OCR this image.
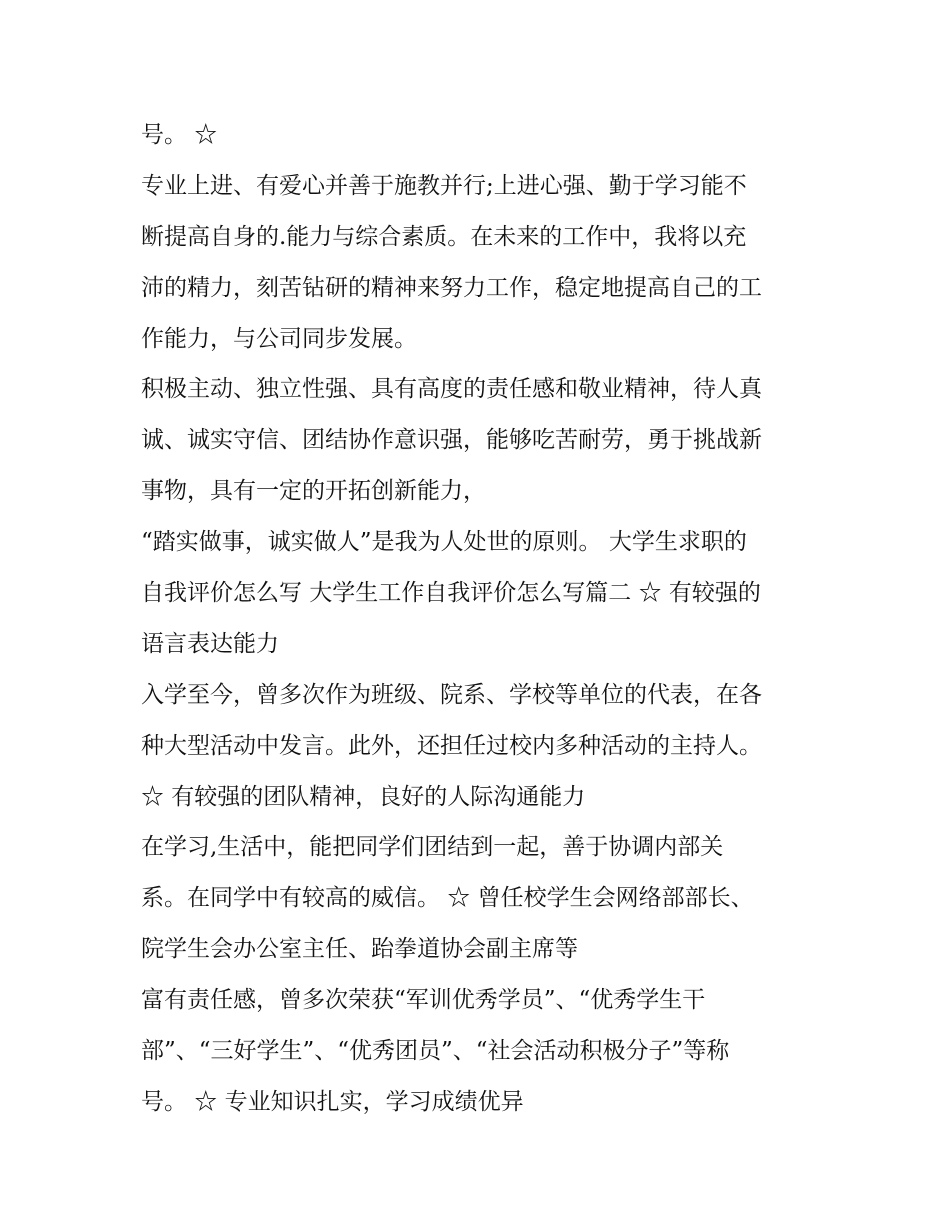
号。 ☆
专业上进、有爱心并善于施教并行;上进心强、勤于学习能不
断提高自身的.能力与综合素质。在未来的工作中，我将以充
沛的精力，刻苦钻研的精神来努力工作，稳定地提高自己的工
作能力，与公司同步发展。
积极主动、独立性强、具有高度的责任感和敬业精神，待人真
诚、诚实守信、团结协作意识强，能够吃苦耐劳，勇于挑战新
事物，具有一定的开拓创新能力，
“踏实做事，诚实做人”是我为人处世的原则。 大学生求职的
自我评价怎么写 大学生工作自我评价怎么写篇二 ☆ 有较强的
语言表达能力
入学至今，曾多次作为班级、院系、学校等单位的代表，在各
种大型活动中发言。此外，还担任过校内多种活动的主持人。
☆ 有较强的团队精神，良好的人际沟通能力
在学习,生活中，能把同学们团结到一起，善于协调内部关
系。在同学中有较高的威信。 ☆ 曾任校学生会网络部部长、
院学生会办公室主任、跆拳道协会副主席等
富有责任感，曾多次荣获“军训优秀学员”、“优秀学生干
部”、“三好学生”、“优秀团员”、“社会活动积极分子”等称
号。 ☆ 专业知识扎实，学习成绩优异
